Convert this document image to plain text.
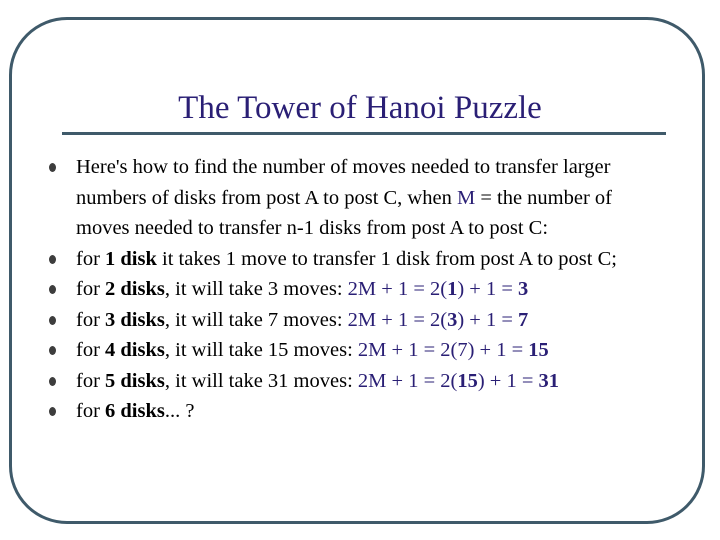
The Tower of Hanoi Puzzle
Here's how to find the number of moves needed to transfer larger numbers of disks from post A to post C, when M = the number of moves needed to transfer n-1 disks from post A to post C:
for 1 disk it takes 1 move to transfer 1 disk from post A to post C;
for 2 disks, it will take 3 moves: 2M + 1 = 2(1) + 1 = 3
for 3 disks, it will take 7 moves: 2M + 1 = 2(3) + 1 = 7
for 4 disks, it will take 15 moves: 2M + 1 = 2(7) + 1 = 15
for 5 disks, it will take 31 moves: 2M + 1 = 2(15) + 1 = 31
for 6 disks... ?
